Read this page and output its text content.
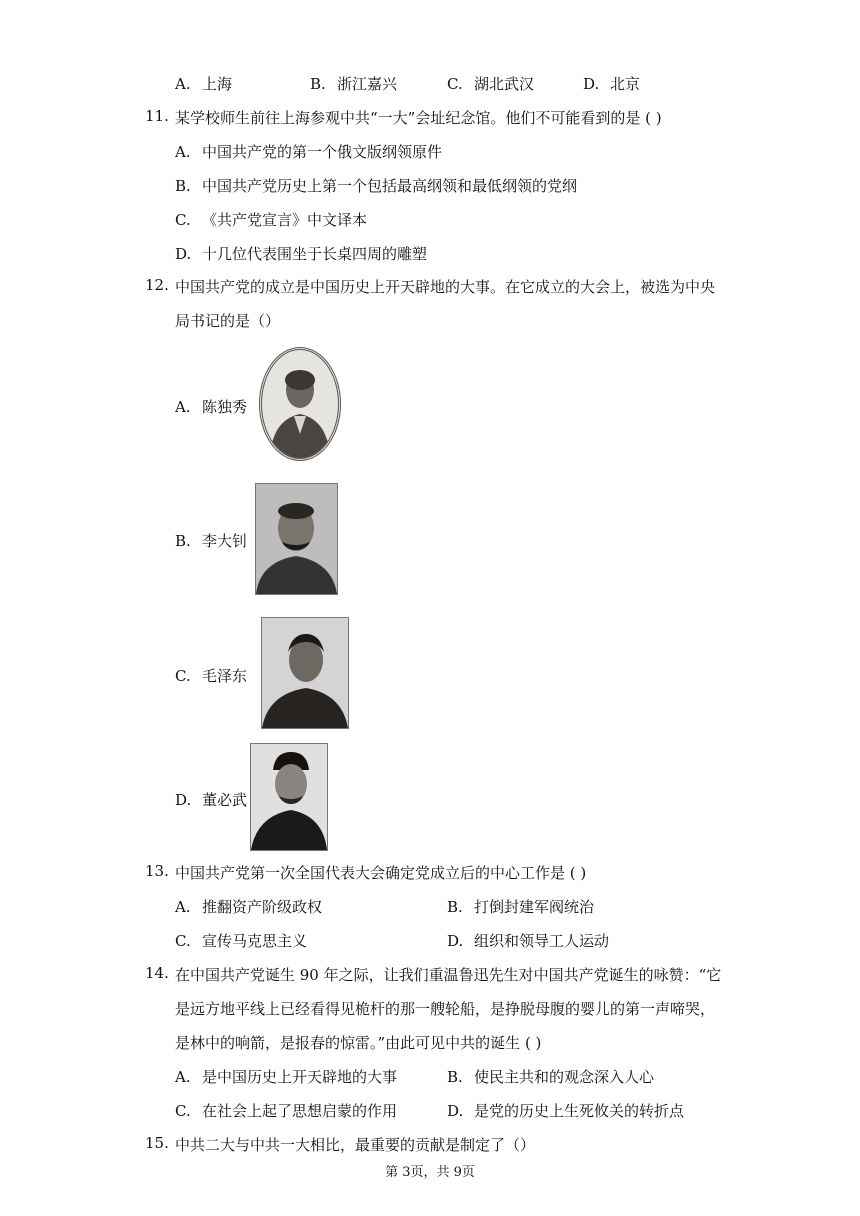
A. 上海	B. 浙江嘉兴	C. 湖北武汉	D. 北京
11. 某学校师生前往上海参观中共“一大”会址纪念馆。他们不可能看到的是 ( )
A. 中国共产党的第一个俄文版纲领原件
B. 中国共产党历史上第一个包括最高纲领和最低纲领的党纲
C. 《共产党宣言》中文译本
D. 十几位代表围坐于长桌四周的雕塑
12. 中国共产党的成立是中国历史上开天辟地的大事。在它成立的大会上，被选为中央
局书记的是（）
A. 陈独秀
B. 李大钊
C. 毛泽东
D. 董必武
13. 中国共产党第一次全国代表大会确定党成立后的中心工作是 ( )
A. 推翻资产阶级政权	B. 打倒封建军阀统治
C. 宣传马克思主义	D. 组织和领导工人运动
14. 在中国共产党诞生 90 年之际，让我们重温鲁迅先生对中国共产党诞生的咏赞：“它
是远方地平线上已经看得见桅杆的那一艘轮船，是挣脱母腹的婴儿的第一声啼哭，
是林中的响箭，是报春的惊雷。”由此可见中共的诞生 ( )
A. 是中国历史上开天辟地的大事	B. 使民主共和的观念深入人心
C. 在社会上起了思想启蒙的作用	D. 是党的历史上生死攸关的转折点
15. 中共二大与中共一大相比，最重要的贡献是制定了（）
第 3页，共 9页
